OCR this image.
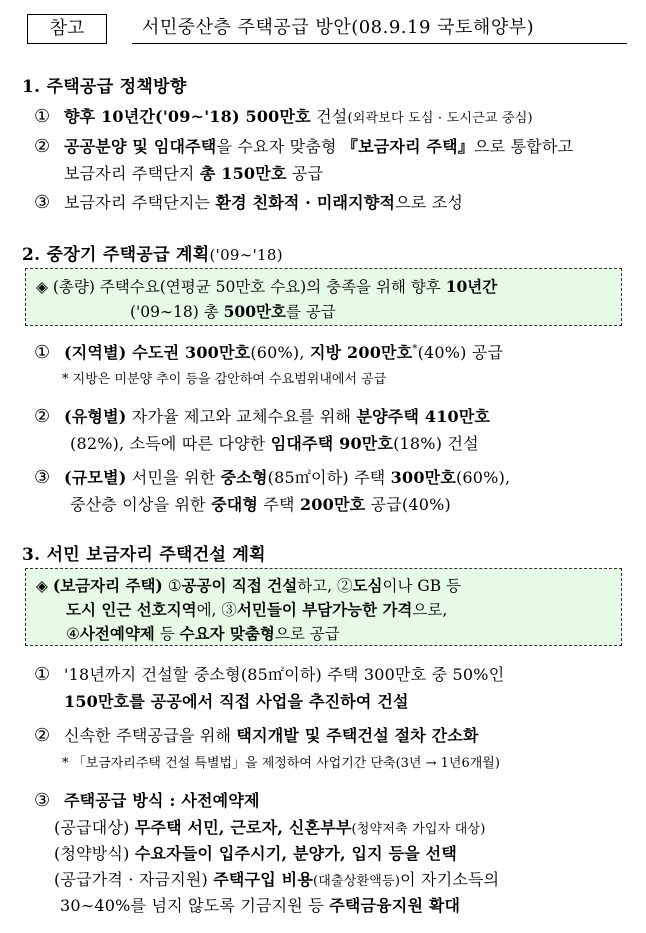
참고	서민중산층 주택공급 방안(08.9.19 국토해양부)
1. 주택공급 정책방향
① 향후 10년간('09∼'18) 500만호 건설(외곽보다 도심 · 도시근교 중심)
② 공공분양 및 임대주택을 수요자 맞춤형 『보금자리 주택』으로 통합하고
보금자리 주택단지 총 150만호 공급
③ 보금자리 주택단지는 환경 친화적 · 미래지향적으로 조성
2. 중장기 주택공급 계획('09∼'18)
◈ (총량) 주택수요(연평균 50만호 수요)의 충족을 위해 향후 10년간
('09∼18) 총 500만호를 공급
① (지역별) 수도권 300만호(60%), 지방 200만호*(40%) 공급
* 지방은 미분양 추이 등을 감안하여 수요범위내에서 공급
② (유형별) 자가율 제고와 교체수요를 위해 분양주택 410만호
(82%), 소득에 따른 다양한 임대주택 90만호(18%) 건설
③ (규모별) 서민을 위한 중소형(85㎡이하) 주택 300만호(60%),
중산층 이상을 위한 중대형 주택 200만호 공급(40%)
3. 서민 보금자리 주택건설 계획
◈ (보금자리 주택) ①공공이 직접 건설하고, ②도심이나 GB 등
도시 인근 선호지역에, ③서민들이 부담가능한 가격으로,
④사전예약제 등 수요자 맞춤형으로 공급
① '18년까지 건설할 중소형(85㎡이하) 주택 300만호 중 50%인
150만호를 공공에서 직접 사업을 추진하여 건설
② 신속한 주택공급을 위해 택지개발 및 주택건설 절차 간소화
* 「보금자리주택 건설 특별법」을 제정하여 사업기간 단축(3년 → 1년6개월)
③ 주택공급 방식 : 사전예약제
(공급대상) 무주택 서민, 근로자, 신혼부부(청약저축 가입자 대상)
(청약방식) 수요자들이 입주시기, 분양가, 입지 등을 선택
(공급가격 · 자금지원) 주택구입 비용(대출상환액등)이 자기소득의
30∼40%를 넘지 않도록 기금지원 등 주택금융지원 확대
